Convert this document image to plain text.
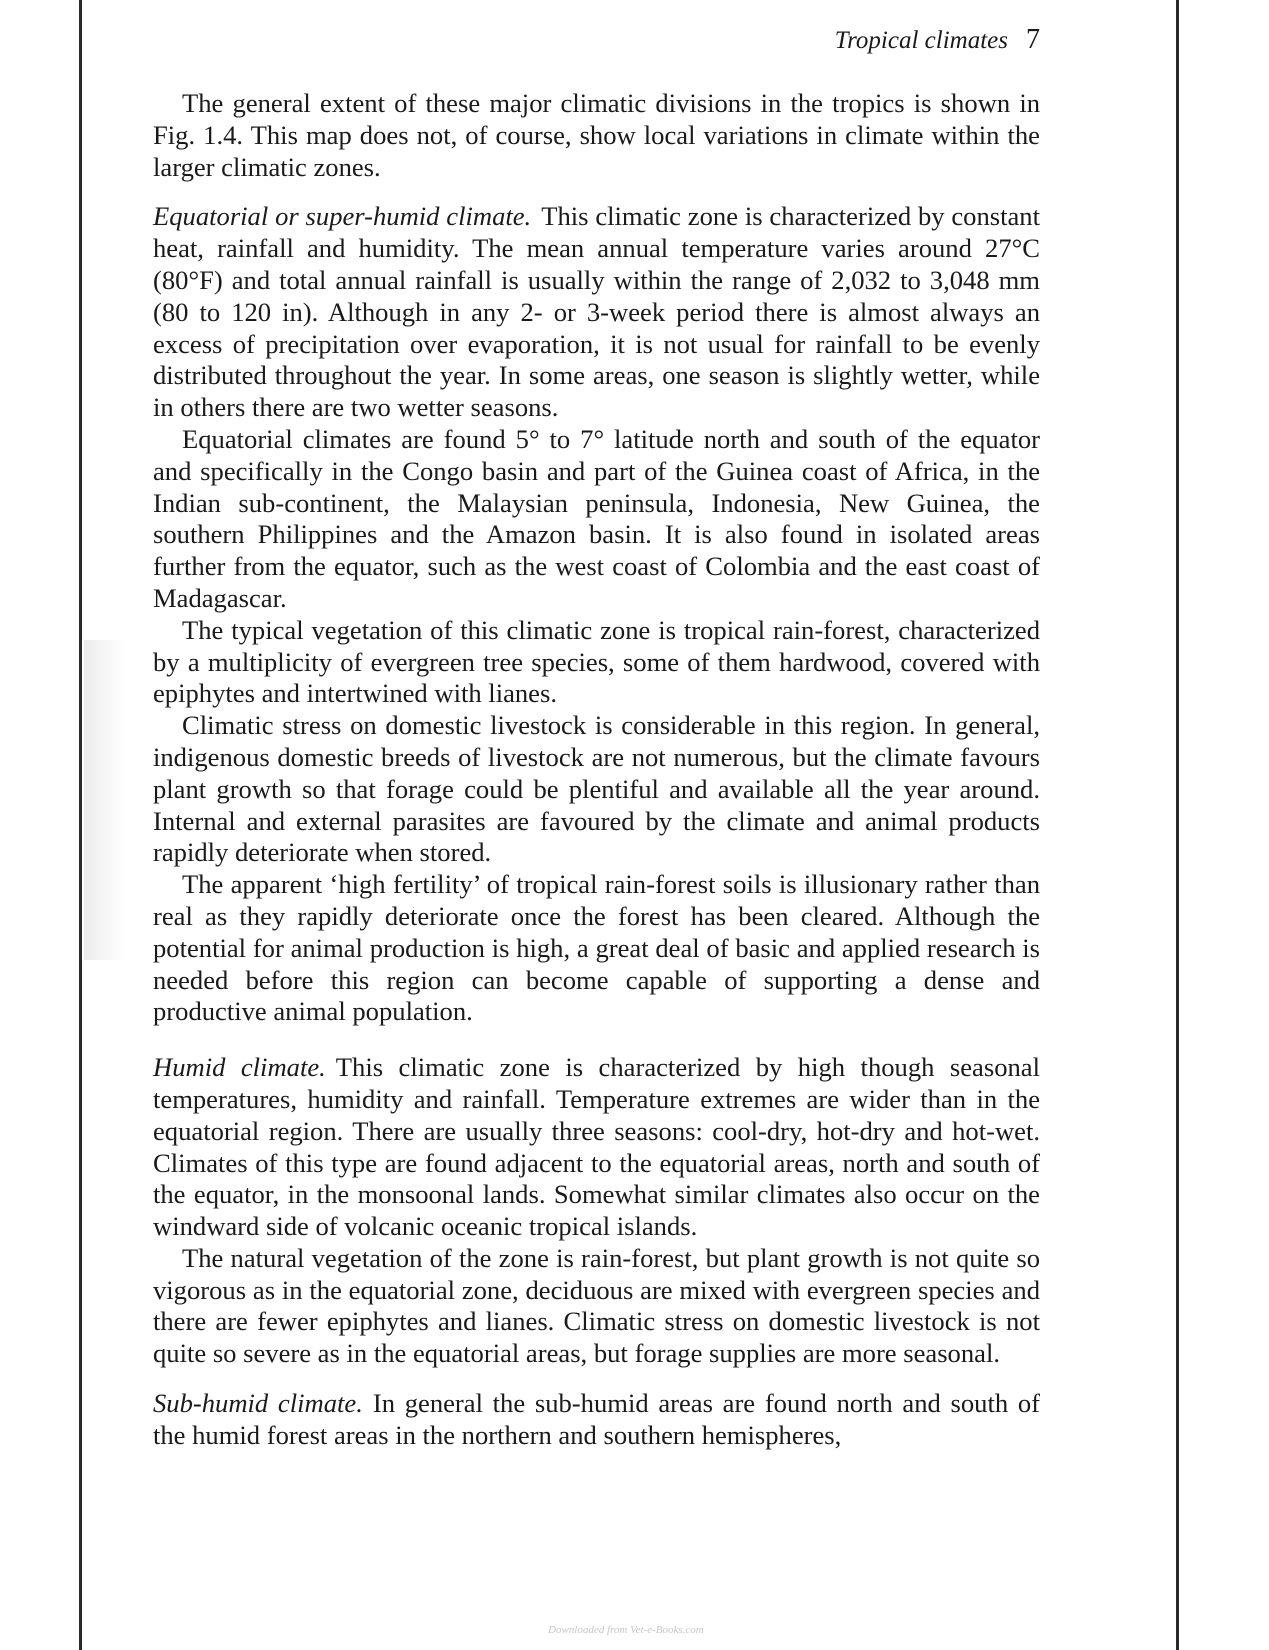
Tropical climates 7

The general extent of these major climatic divisions in the tropics is shown in Fig. 1.4. This map does not, of course, show local variations in climate within the larger climatic zones.

Equatorial or super-humid climate. This climatic zone is characterized by constant heat, rainfall and humidity. The mean annual temperature varies around 27°C (80°F) and total annual rainfall is usually within the range of 2,032 to 3,048 mm (80 to 120 in). Although in any 2- or 3-week period there is almost always an excess of precipitation over evaporation, it is not usual for rainfall to be evenly distributed throughout the year. In some areas, one season is slightly wetter, while in others there are two wetter seasons.

Equatorial climates are found 5° to 7° latitude north and south of the equator and specifically in the Congo basin and part of the Guinea coast of Africa, in the Indian sub-continent, the Malaysian peninsula, Indonesia, New Guinea, the southern Philippines and the Amazon basin. It is also found in isolated areas further from the equator, such as the west coast of Colombia and the east coast of Madagascar.

The typical vegetation of this climatic zone is tropical rain-forest, characterized by a multiplicity of evergreen tree species, some of them hardwood, covered with epiphytes and intertwined with lianes.

Climatic stress on domestic livestock is considerable in this region. In general, indigenous domestic breeds of livestock are not numerous, but the climate favours plant growth so that forage could be plentiful and available all the year around. Internal and external parasites are favoured by the climate and animal products rapidly deteriorate when stored.

The apparent ‘high fertility’ of tropical rain-forest soils is illusionary rather than real as they rapidly deteriorate once the forest has been cleared. Although the potential for animal production is high, a great deal of basic and applied research is needed before this region can become capable of supporting a dense and productive animal population.

Humid climate. This climatic zone is characterized by high though seasonal temperatures, humidity and rainfall. Temperature extremes are wider than in the equatorial region. There are usually three seasons: cool-dry, hot-dry and hot-wet. Climates of this type are found adjacent to the equatorial areas, north and south of the equator, in the monsoonal lands. Somewhat similar climates also occur on the windward side of volcanic oceanic tropical islands.

The natural vegetation of the zone is rain-forest, but plant growth is not quite so vigorous as in the equatorial zone, deciduous are mixed with evergreen species and there are fewer epiphytes and lianes. Climatic stress on domestic livestock is not quite so severe as in the equatorial areas, but forage supplies are more seasonal.

Sub-humid climate. In general the sub-humid areas are found north and south of the humid forest areas in the northern and southern hemispheres,

Downloaded from Vet-e-Books.com
